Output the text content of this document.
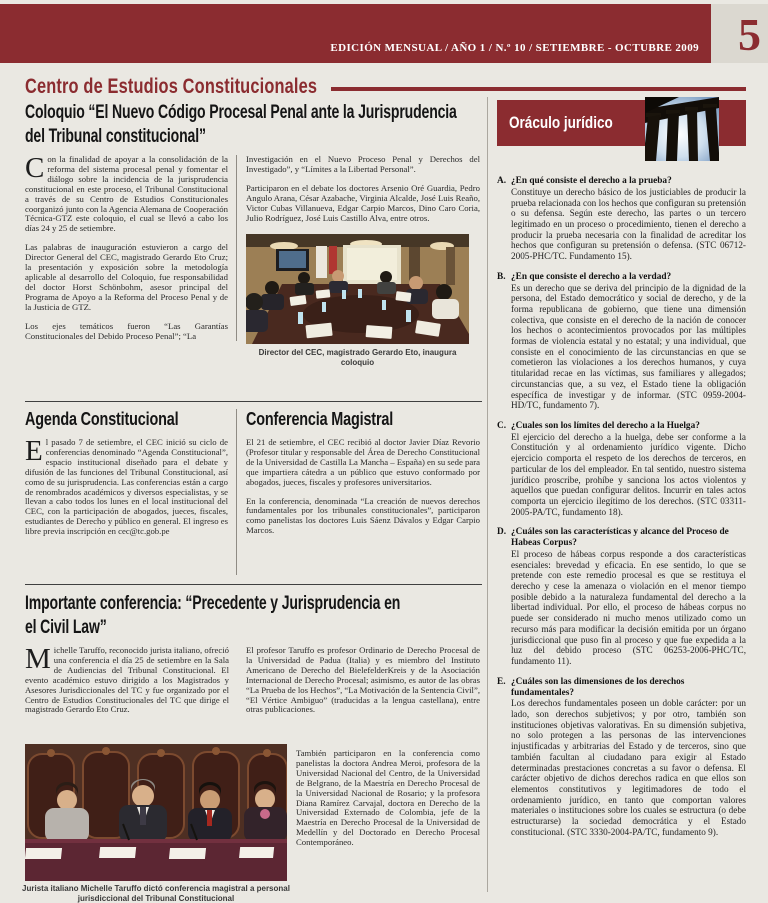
EDICIÓN MENSUAL / AÑO 1 / N.º 10 / SETIEMBRE - OCTUBRE 2009 5
Centro de Estudios Constitucionales
Coloquio “El Nuevo Código Procesal Penal ante la Jurisprudencia
del Tribunal constitucional”

Con la finalidad de apoyar a la consolidación de la reforma del sistema procesal penal y fomentar el diálogo sobre la incidencia de la jurisprudencia constitucional en este proceso, el Tribunal Constitucional a través de su Centro de Estudios Constitucionales coorganizó junto con la Agencia Alemana de Cooperación Técnica-GTZ este coloquio, el cual se llevó a cabo los días 24 y 25 de setiembre.

Las palabras de inauguración estuvieron a cargo del Director General del CEC, magistrado Gerardo Eto Cruz; la presentación y exposición sobre la metodología aplicable al desarrollo del Coloquio, fue responsabilidad del doctor Horst Schönbohm, asesor principal del Programa de Apoyo a la Reforma del Proceso Penal y de la Justicia de GTZ.

Los ejes temáticos fueron “Las Garantías Constitucionales del Debido Proceso Penal”; “La

Investigación en el Nuevo Proceso Penal y Derechos del Investigado”, y “Límites a la Libertad Personal”.

Participaron en el debate los doctores Arsenio Oré Guardia, Pedro Angulo Arana, César Azabache, Virginia Alcalde, José Luis Reaño, Victor Cubas Villanueva, Edgar Carpio Marcos, Dino Caro Coria, Julio Rodríguez, José Luis Castillo Alva, entre otros.

Director del CEC, magistrado Gerardo Eto, inaugura coloquio
Agenda Constitucional

El pasado 7 de setiembre, el CEC inició su ciclo de conferencias denominado “Agenda Constitucional”, espacio institucional diseñado para el debate y difusión de las funciones del Tribunal Constitucional, así como de su jurisprudencia. Las conferencias están a cargo de renombrados académicos y diversos especialistas, y se llevan a cabo todos los lunes en el local institucional del CEC, con la participación de abogados, jueces, fiscales, estudiantes de Derecho y público en general. El ingreso es libre previa inscripción en cec@tc.gob.pe

Conferencia Magistral

El 21 de setiembre, el CEC recibió al doctor Javier Díaz Revorio (Profesor titular y responsable del Área de Derecho Constitucional de la Universidad de Castilla La Mancha – España) en su sede para que impartiera cátedra a un público que estuvo conformado por abogados, jueces, fiscales y profesores universitarios.

En la conferencia, denominada “La creación de nuevos derechos fundamentales por los tribunales constitucionales”, participaron como panelistas los doctores Luis Sáenz Dávalos y Edgar Carpio Marcos.

Importante conferencia: “Precedente y Jurisprudencia en
el Civil Law”

Michelle Taruffo, reconocido jurista italiano, ofreció una conferencia el día 25 de setiembre en la Sala de Audiencias del Tribunal Constitucional. El evento académico estuvo dirigido a los Magistrados y Asesores Jurisdiccionales del TC y fue organizado por el Centro de Estudios Constitucionales del TC que dirige el magistrado Gerardo Eto Cruz.

El profesor Taruffo es profesor Ordinario de Derecho Procesal de la Universidad de Padua (Italia) y es miembro del Instituto Americano de Derecho del BielefelderKreis y de la Asociación Internacional de Derecho Procesal; asimismo, es autor de las obras “La Prueba de los Hechos”, “La Motivación de la Sentencia Civil”, “El Vértice Ambiguo” (traducidas a la lengua castellana), entre otras publicaciones.

Jurista italiano Michelle Taruffo dictó conferencia magistral a personal jurisdiccional del Tribunal Constitucional

También participaron en la conferencia como panelistas la doctora Andrea Meroi, profesora de la Universidad Nacional del Centro, de la Universidad de Belgrano, de la Maestría en Derecho Procesal de la Universidad Nacional de Rosario; y la profesora Diana Ramírez Carvajal, doctora en Derecho de la Universidad Externado de Colombia, jefe de la Maestría en Derecho Procesal de la Universidad de Medellín y del Doctorado en Derecho Procesal Contemporáneo.

Oráculo jurídico
A. ¿En qué consiste el derecho a la prueba?
Constituye un derecho básico de los justiciables de producir la prueba relacionada con los hechos que configuran su pretensión o su defensa. Según este derecho, las partes o un tercero legitimado en un proceso o procedimiento, tienen el derecho a producir la prueba necesaria con la finalidad de acreditar los hechos que configuran su pretensión o defensa. (STC 06712-2005-PHC/TC. Fundamento 15).
B. ¿En que consiste el derecho a la verdad?
Es un derecho que se deriva del principio de la dignidad de la persona, del Estado democrático y social de derecho, y de la forma republicana de gobierno, que tiene una dimensión colectiva, que consiste en el derecho de la nación de conocer los hechos o acontecimientos provocados por las múltiples formas de violencia estatal y no estatal; y una individual, que consiste en el conocimiento de las circunstancias en que se cometieron las violaciones a los derechos humanos, y cuya titularidad recae en las víctimas, sus familiares y allegados; circunstancias que, a su vez, el Estado tiene la obligación específica de investigar y de informar. (STC 0959-2004-HD/TC, fundamento 7).
C. ¿Cuales son los límites del derecho a la Huelga?
El ejercicio del derecho a la huelga, debe ser conforme a la Constitución y al ordenamiento jurídico vigente. Dicho ejercicio comporta el respeto de los derechos de terceros, en particular de los del empleador. En tal sentido, nuestro sistema jurídico proscribe, prohíbe y sanciona los actos violentos y aquellos que puedan configurar delitos. Incurrir en tales actos comporta un ejercicio ilegítimo de los derechos. (STC 03311-2005-PA/TC, fundamento 18).
D. ¿Cuáles son las características y alcance del Proceso de Habeas Corpus?
El proceso de hábeas corpus responde a dos características esenciales: brevedad y eficacia. En ese sentido, lo que se pretende con este remedio procesal es que se restituya el derecho y cese la amenaza o violación en el menor tiempo posible debido a la naturaleza fundamental del derecho a la libertad individual. Por ello, el proceso de hábeas corpus no puede ser considerado ni mucho menos utilizado como un recurso más para modificar la decisión emitida por un órgano jurisdiccional que puso fin al proceso y que fue expedida a la luz del debido proceso (STC 06253-2006-PHC/TC, fundamento 11).
E. ¿Cuáles son las dimensiones de los derechos fundamentales?
Los derechos fundamentales poseen un doble carácter: por un lado, son derechos subjetivos; y por otro, también son instituciones objetivas valorativas. En su dimensión subjetiva, no solo protegen a las personas de las intervenciones injustificadas y arbitrarias del Estado y de terceros, sino que también facultan al ciudadano para exigir al Estado determinadas prestaciones concretas a su favor o defensa. El carácter objetivo de dichos derechos radica en que ellos son elementos constitutivos y legitimadores de todo el ordenamiento jurídico, en tanto que comportan valores materiales o instituciones sobre los cuales se estructura (o debe estructurarse) la sociedad democrática y el Estado constitucional. (STC 3330-2004-PA/TC, fundamento 9).
